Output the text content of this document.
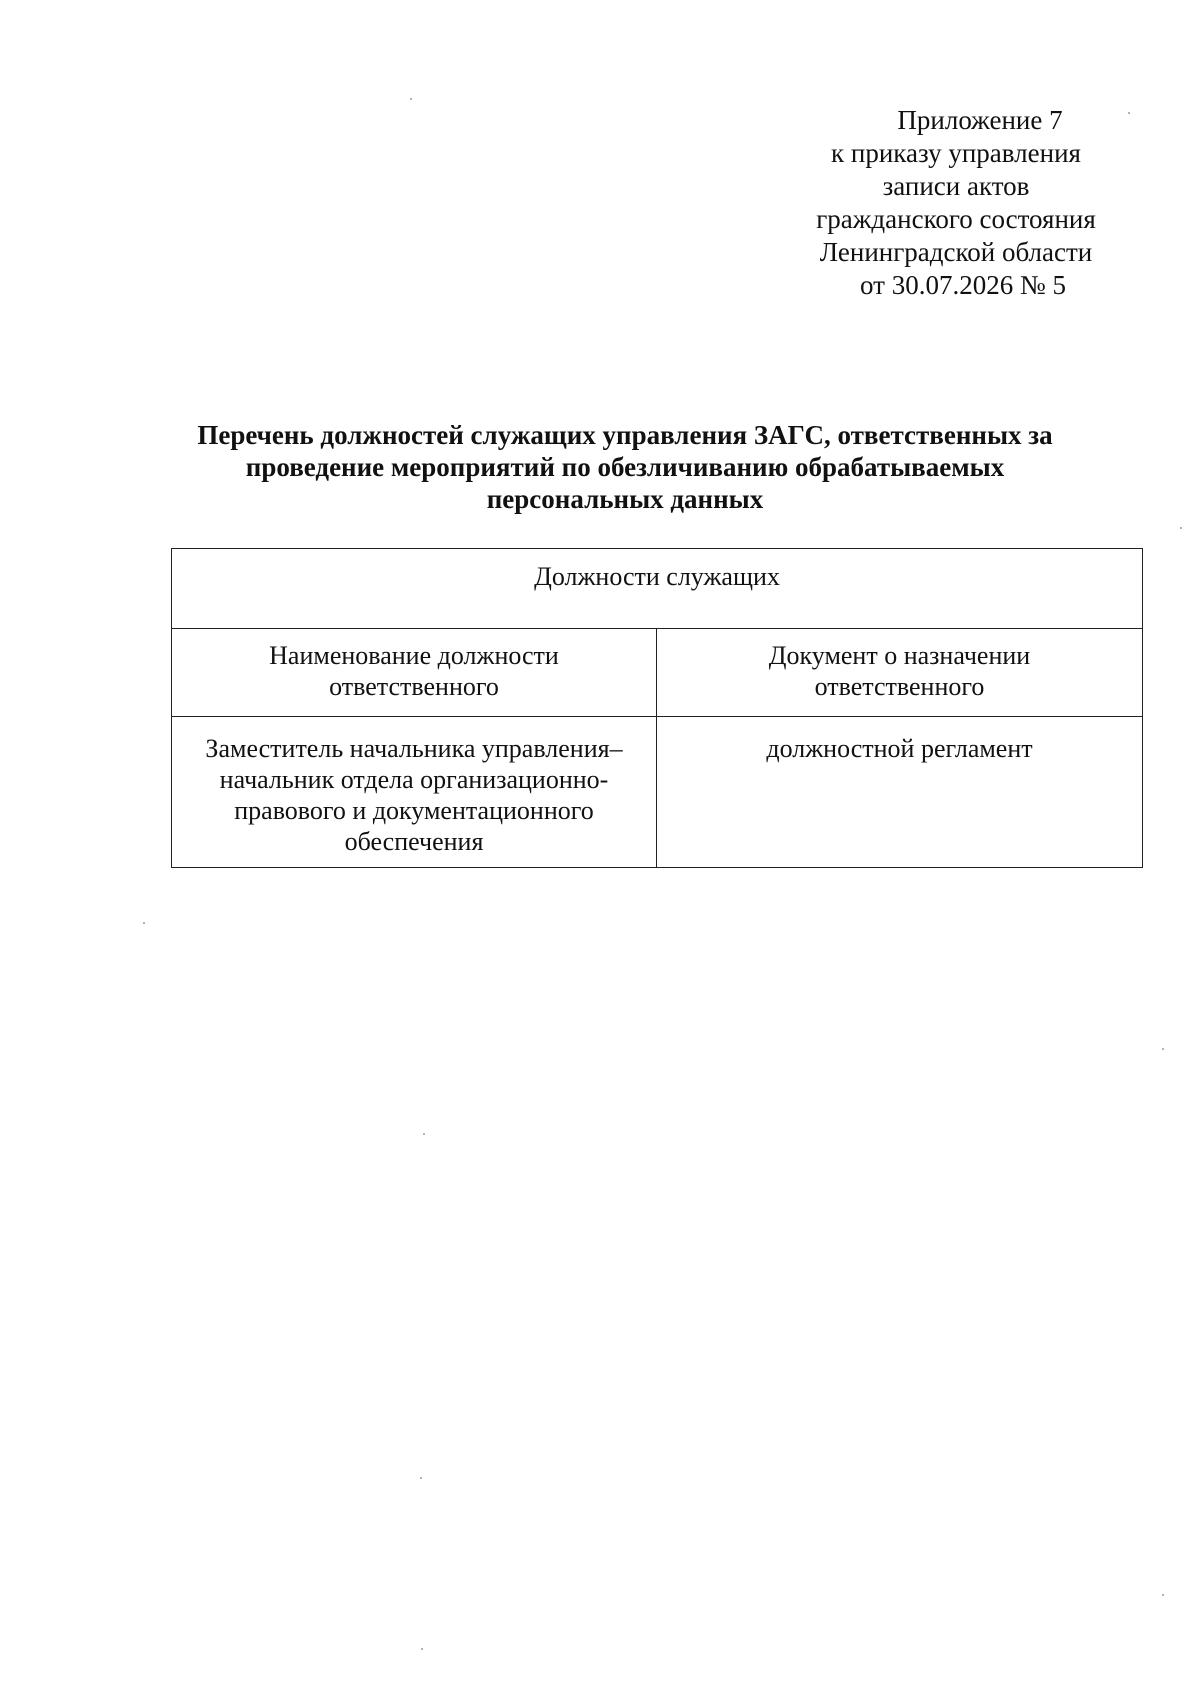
Приложение 7
к приказу управления
записи актов
гражданского состояния
Ленинградской области
от 30.07.2026 № 5
Перечень должностей служащих управления ЗАГС, ответственных за
проведение мероприятий по обезличиванию обрабатываемых
персональных данных
Должности служащих
Наименование должности
ответственного
Документ о назначении
ответственного
Заместитель начальника управления–
начальник отдела организационно-
правового и документационного
обеспечения
должностной регламент
